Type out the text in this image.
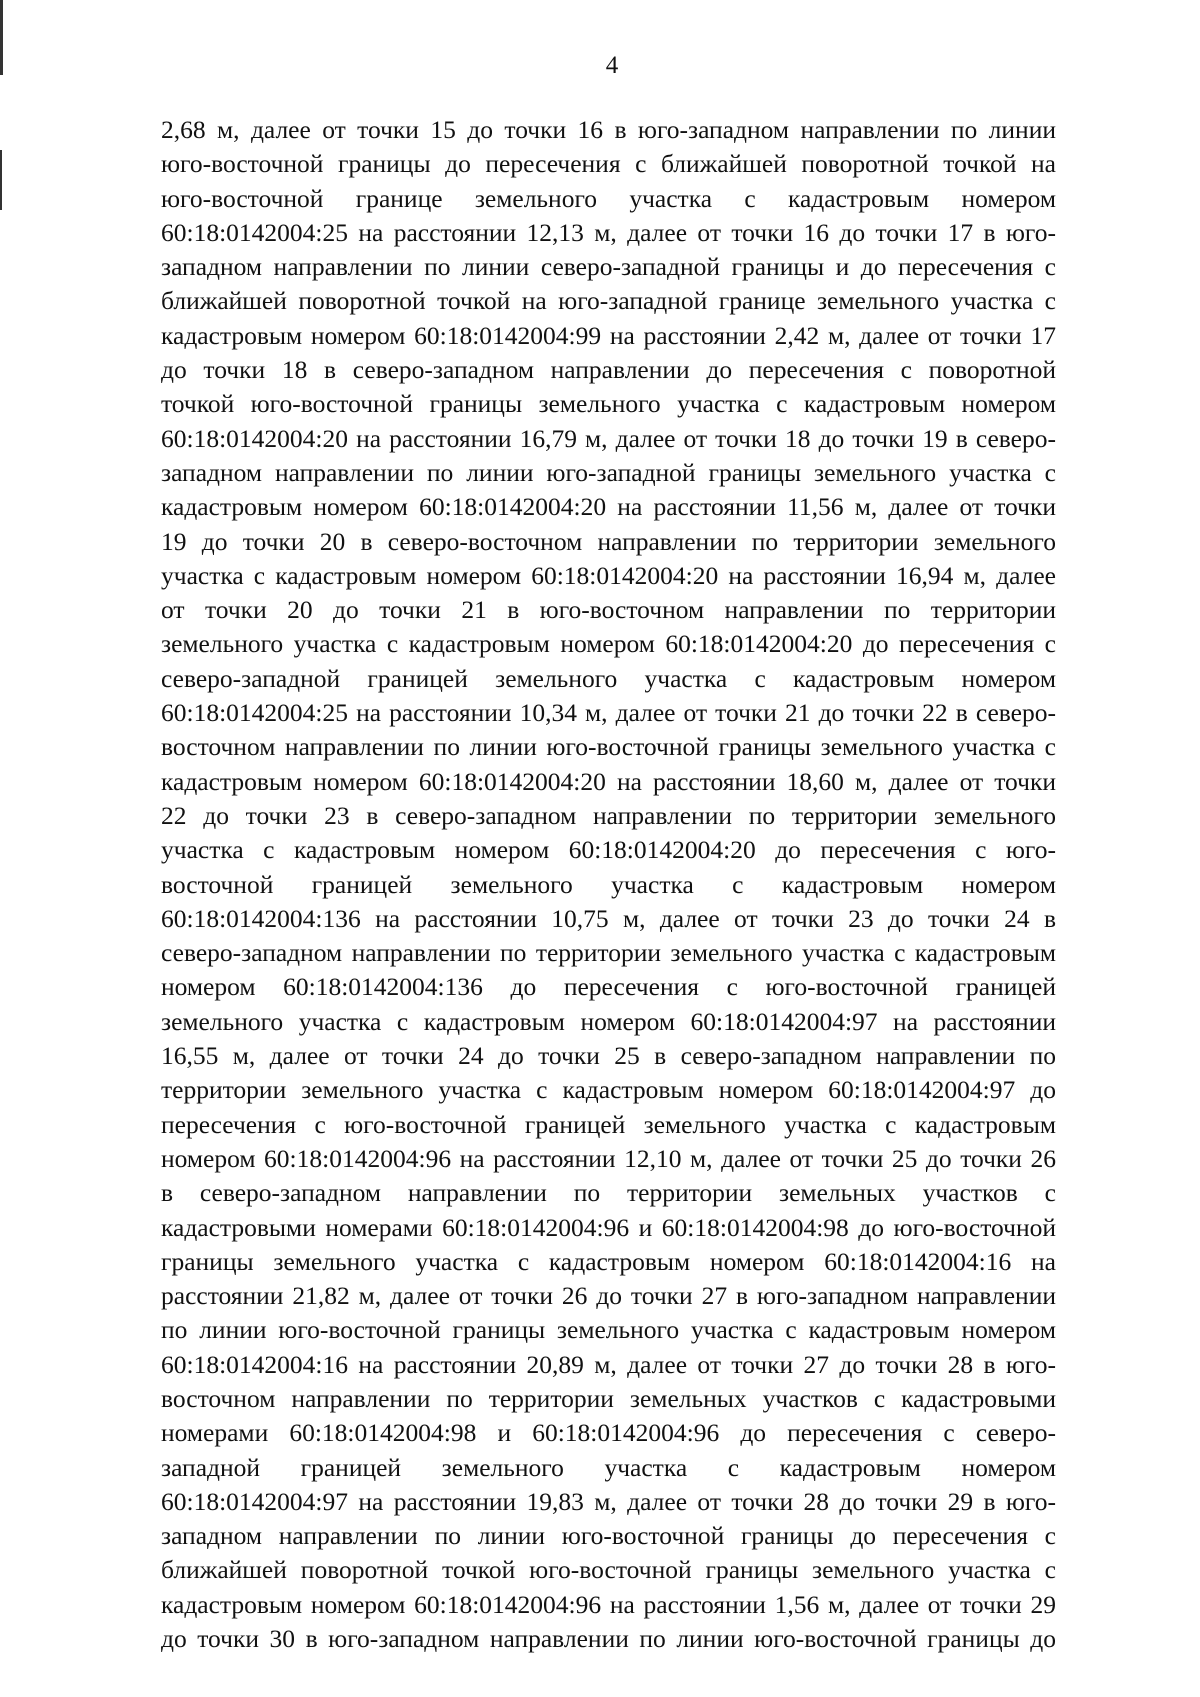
4
2,68 м, далее от точки 15 до точки 16 в юго-западном направлении по линии
юго-восточной границы до пересечения с ближайшей поворотной точкой на
юго-восточной границе земельного участка с кадастровым номером
60:18:0142004:25 на расстоянии 12,13 м, далее от точки 16 до точки 17 в юго-
западном направлении по линии северо-западной границы и до пересечения с
ближайшей поворотной точкой на юго-западной границе земельного участка с
кадастровым номером 60:18:0142004:99 на расстоянии 2,42 м, далее от точки 17
до точки 18 в северо-западном направлении до пересечения с поворотной
точкой юго-восточной границы земельного участка с кадастровым номером
60:18:0142004:20 на расстоянии 16,79 м, далее от точки 18 до точки 19 в северо-
западном направлении по линии юго-западной границы земельного участка с
кадастровым номером 60:18:0142004:20 на расстоянии 11,56 м, далее от точки
19 до точки 20 в северо-восточном направлении по территории земельного
участка с кадастровым номером 60:18:0142004:20 на расстоянии 16,94 м, далее
от точки 20 до точки 21 в юго-восточном направлении по территории
земельного участка с кадастровым номером 60:18:0142004:20 до пересечения с
северо-западной границей земельного участка с кадастровым номером
60:18:0142004:25 на расстоянии 10,34 м, далее от точки 21 до точки 22 в северо-
восточном направлении по линии юго-восточной границы земельного участка с
кадастровым номером 60:18:0142004:20 на расстоянии 18,60 м, далее от точки
22 до точки 23 в северо-западном направлении по территории земельного
участка с кадастровым номером 60:18:0142004:20 до пересечения с юго-
восточной границей земельного участка с кадастровым номером
60:18:0142004:136 на расстоянии 10,75 м, далее от точки 23 до точки 24 в
северо-западном направлении по территории земельного участка с кадастровым
номером 60:18:0142004:136 до пересечения с юго-восточной границей
земельного участка с кадастровым номером 60:18:0142004:97 на расстоянии
16,55 м, далее от точки 24 до точки 25 в северо-западном направлении по
территории земельного участка с кадастровым номером 60:18:0142004:97 до
пересечения с юго-восточной границей земельного участка с кадастровым
номером 60:18:0142004:96 на расстоянии 12,10 м, далее от точки 25 до точки 26
в северо-западном направлении по территории земельных участков с
кадастровыми номерами 60:18:0142004:96 и 60:18:0142004:98 до юго-восточной
границы земельного участка с кадастровым номером 60:18:0142004:16 на
расстоянии 21,82 м, далее от точки 26 до точки 27 в юго-западном направлении
по линии юго-восточной границы земельного участка с кадастровым номером
60:18:0142004:16 на расстоянии 20,89 м, далее от точки 27 до точки 28 в юго-
восточном направлении по территории земельных участков с кадастровыми
номерами 60:18:0142004:98 и 60:18:0142004:96 до пересечения с северо-
западной границей земельного участка с кадастровым номером
60:18:0142004:97 на расстоянии 19,83 м, далее от точки 28 до точки 29 в юго-
западном направлении по линии юго-восточной границы до пересечения с
ближайшей поворотной точкой юго-восточной границы земельного участка с
кадастровым номером 60:18:0142004:96 на расстоянии 1,56 м, далее от точки 29
до точки 30 в юго-западном направлении по линии юго-восточной границы до
